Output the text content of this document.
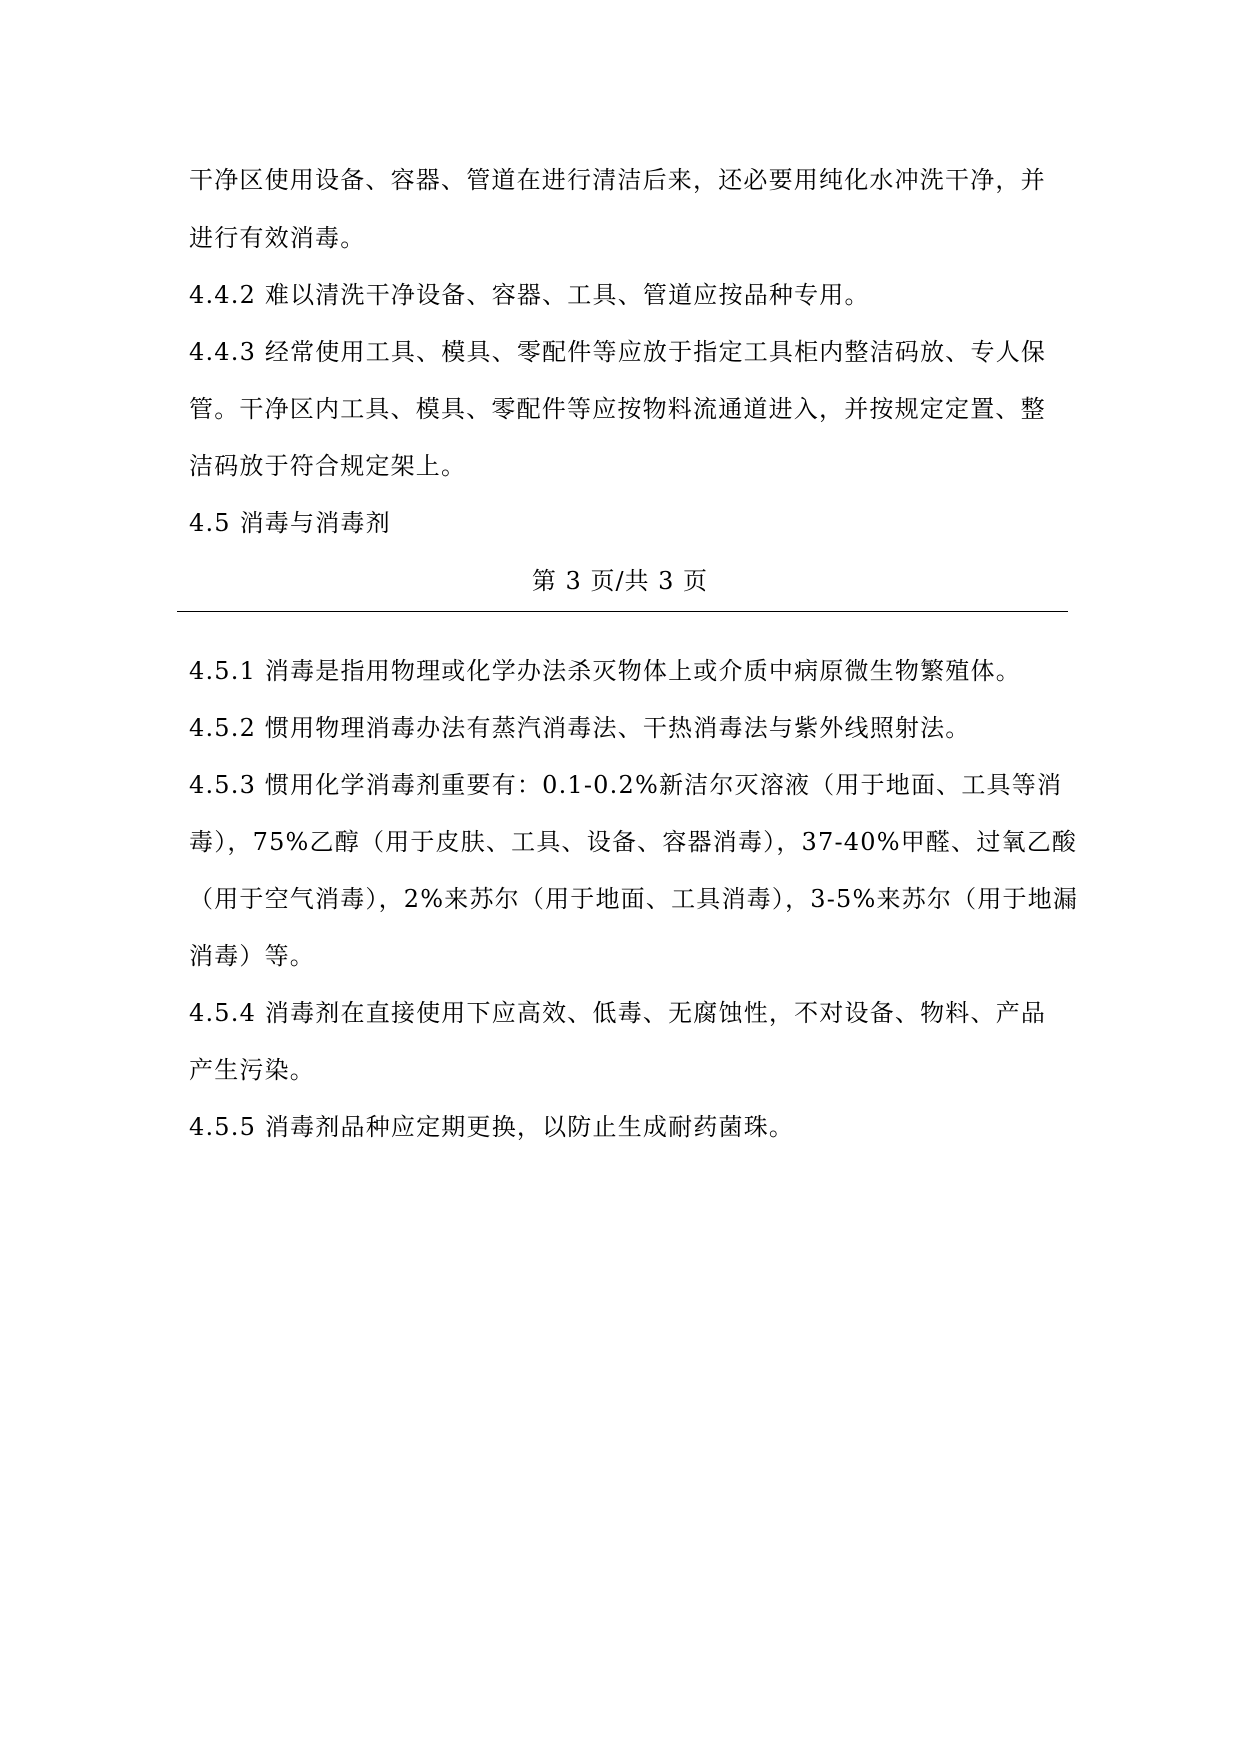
干净区使用设备、容器、管道在进行清洁后来，还必要用纯化水冲洗干净，并
进行有效消毒。
4.4.2 难以清洗干净设备、容器、工具、管道应按品种专用。
4.4.3 经常使用工具、模具、零配件等应放于指定工具柜内整洁码放、专人保
管。干净区内工具、模具、零配件等应按物料流通道进入，并按规定定置、整
洁码放于符合规定架上。
4.5 消毒与消毒剂
第 3 页/共 3 页
4.5.1 消毒是指用物理或化学办法杀灭物体上或介质中病原微生物繁殖体。
4.5.2 惯用物理消毒办法有蒸汽消毒法、干热消毒法与紫外线照射法。
4.5.3 惯用化学消毒剂重要有：0.1-0.2%新洁尔灭溶液（用于地面、工具等消
毒），75%乙醇（用于皮肤、工具、设备、容器消毒），37-40%甲醛、过氧乙酸
（用于空气消毒），2%来苏尔（用于地面、工具消毒），3-5%来苏尔（用于地漏
消毒）等。
4.5.4 消毒剂在直接使用下应高效、低毒、无腐蚀性，不对设备、物料、产品
产生污染。
4.5.5 消毒剂品种应定期更换，以防止生成耐药菌珠。
